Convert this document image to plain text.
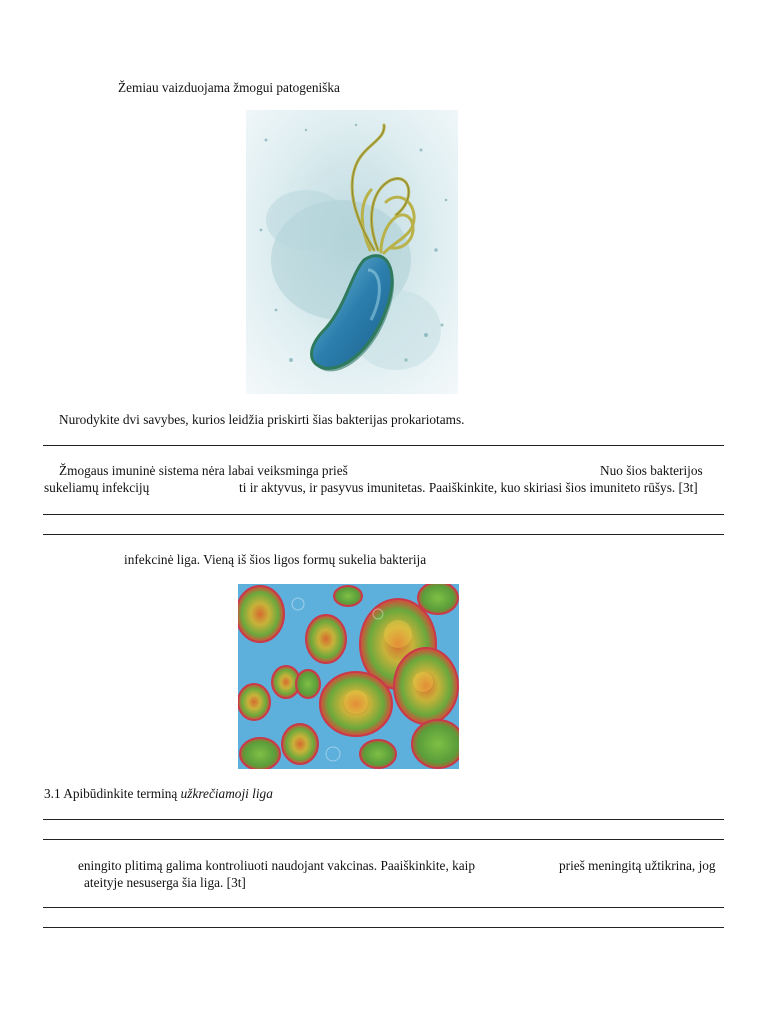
Žemiau vaizduojama žmogui patogeniška
Nurodykite dvi savybes, kurios leidžia priskirti šias bakterijas prokariotams.
Žmogaus imuninė sistema nėra labai veiksminga prieš	Nuo šios bakterijos
sukeliamų infekcijų	ti ir aktyvus, ir pasyvus imunitetas. Paaiškinkite, kuo skiriasi šios imuniteto rūšys. [3t]
infekcinė liga. Vieną iš šios ligos formų sukelia bakterija
3.1 Apibūdinkite terminą užkrečiamoji liga
eningito plitimą galima kontroliuoti naudojant vakcinas. Paaiškinkite, kaip	prieš meningitą užtikrina, jog
ateityje nesuserga šia liga. [3t]
